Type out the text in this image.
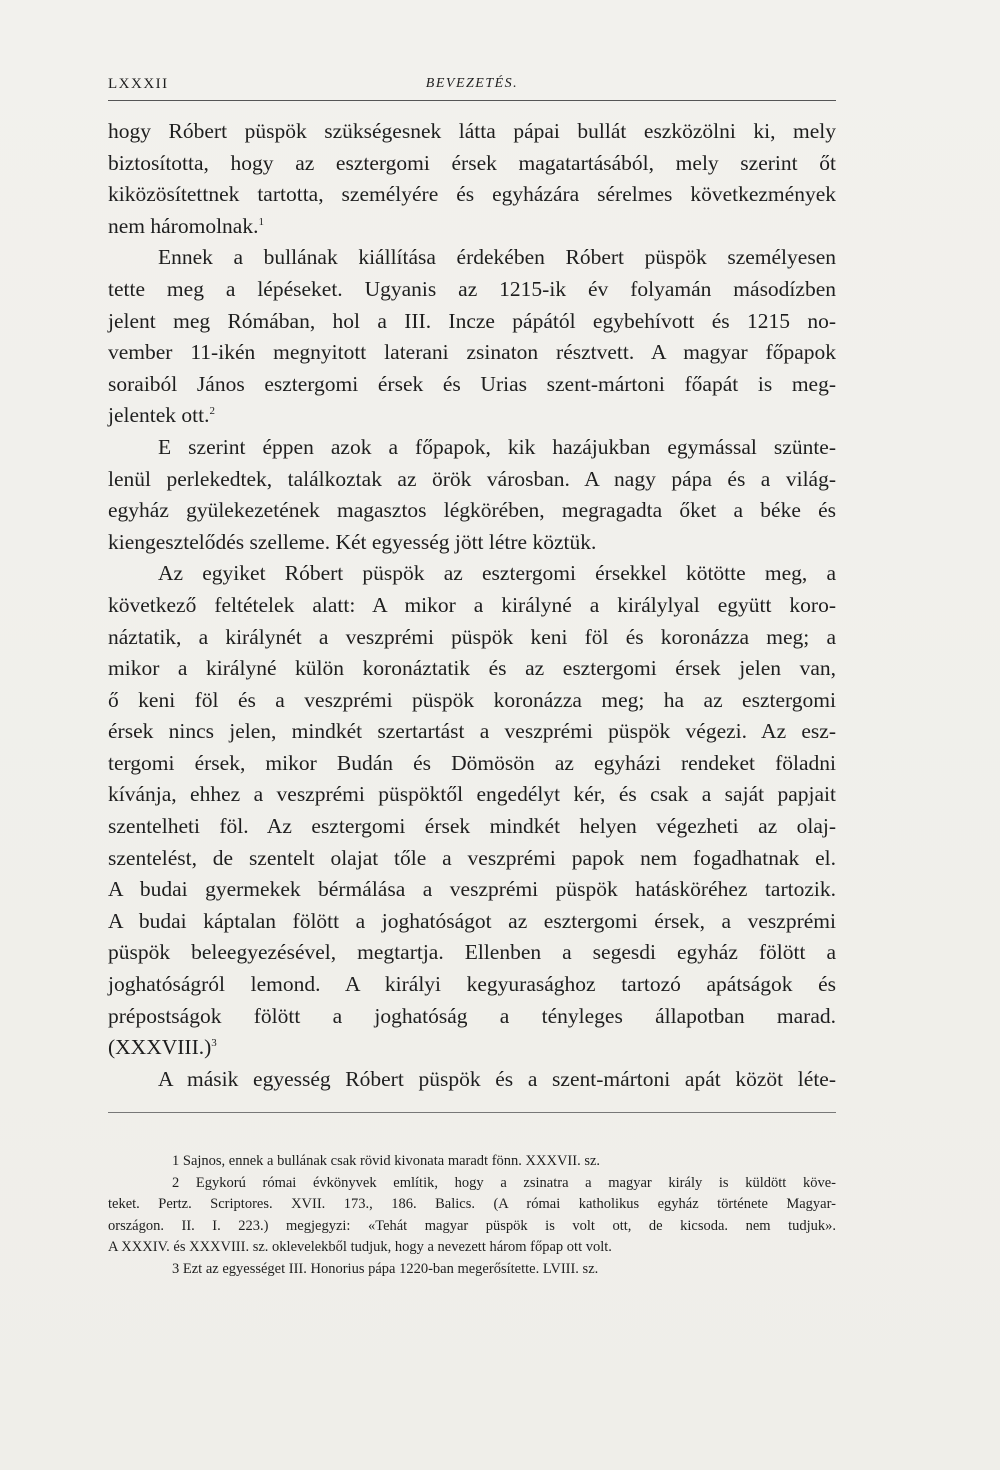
LXXXII	BEVEZETÉS.
hogy Róbert püspök szükségesnek látta pápai bullát eszközölni ki, mely
biztosította, hogy az esztergomi érsek magatartásából, mely szerint őt
kiközösítettnek tartotta, személyére és egyházára sérelmes következmények
nem háromolnak.$^1$
Ennek a bullának kiállítása érdekében Róbert püspök személyesen
tette meg a lépéseket. Ugyanis az 1215-ik év folyamán másodízben
jelent meg Rómában, hol a III. Incze pápától egybehívott és 1215 no-
vember 11-ikén megnyitott laterani zsinaton résztvett. A magyar főpapok
soraiból János esztergomi érsek és Urias szent-mártoni főapát is meg-
jelentek ott.$^2$
E szerint éppen azok a főpapok, kik hazájukban egymással szünte-
lenül perlekedtek, találkoztak az örök városban. A nagy pápa és a világ-
egyház gyülekezetének magasztos légkörében, megragadta őket a béke és
kiengesztelődés szelleme. Két egyesség jött létre köztük.
Az egyiket Róbert püspök az esztergomi érsekkel kötötte meg, a
következő feltételek alatt: A mikor a királyné a királylyal együtt koro-
náztatik, a királynét a veszprémi püspök keni föl és koronázza meg; a
mikor a királyné külön koronáztatik és az esztergomi érsek jelen van,
ő keni föl és a veszprémi püspök koronázza meg; ha az esztergomi
érsek nincs jelen, mindkét szertartást a veszprémi püspök végezi. Az esz-
tergomi érsek, mikor Budán és Dömösön az egyházi rendeket föladni
kívánja, ehhez a veszprémi püspöktől engedélyt kér, és csak a saját papjait
szentelheti föl. Az esztergomi érsek mindkét helyen végezheti az olaj-
szentelést, de szentelt olajat tőle a veszprémi papok nem fogadhatnak el.
A budai gyermekek bérmálása a veszprémi püspök hatásköréhez tartozik.
A budai káptalan fölött a joghatóságot az esztergomi érsek, a veszprémi
püspök beleegyezésével, megtartja. Ellenben a segesdi egyház fölött a
joghatóságról lemond. A királyi kegyurasághoz tartozó apátságok és
prépostságok fölött a joghatóság a tényleges állapotban marad.
(XXXVIII.)$^3$
A másik egyesség Róbert püspök és a szent-mártoni apát közöt léte-
1 Sajnos, ennek a bullának csak rövid kivonata maradt fönn. XXXVII. sz.
2 Egykorú római évkönyvek említik, hogy a zsinatra a magyar király is küldött köve-
teket. Pertz. Scriptores. XVII. 173., 186. Balics. (A római katholikus egyház története Magyar-
országon. II. I. 223.) megjegyzi: «Tehát magyar püspök is volt ott, de kicsoda. nem tudjuk».
A XXXIV. és XXXVIII. sz. oklevelekből tudjuk, hogy a nevezett három főpap ott volt.
3 Ezt az egyességet III. Honorius pápa 1220-ban megerősítette. LVIII. sz.
